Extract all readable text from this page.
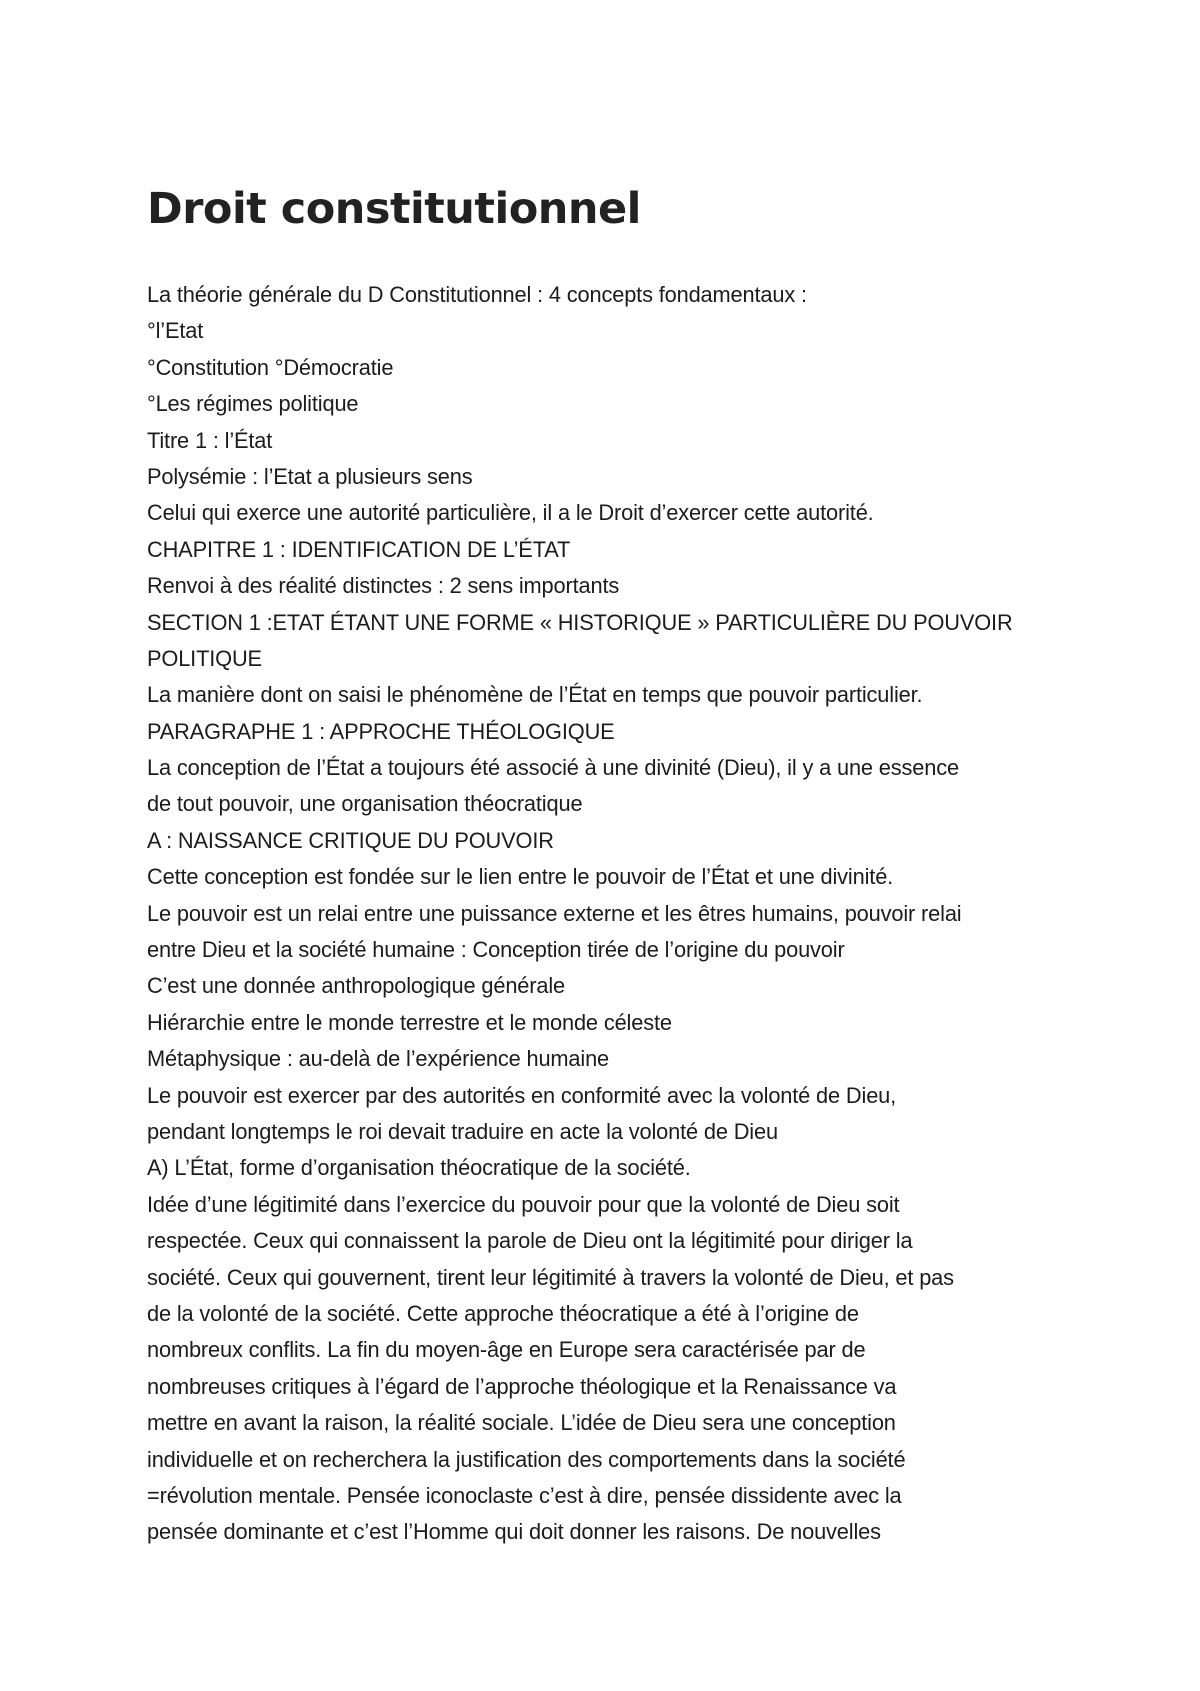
Droit constitutionnel
La théorie générale du D Constitutionnel : 4 concepts fondamentaux :
°l’Etat
°Constitution °Démocratie
°Les régimes politique
Titre 1 : l’État
Polysémie : l’Etat a plusieurs sens
Celui qui exerce une autorité particulière, il a le Droit d’exercer cette autorité.
CHAPITRE 1 : IDENTIFICATION DE L’ÉTAT
Renvoi à des réalité distinctes : 2 sens importants
SECTION 1 :ETAT ÉTANT UNE FORME « HISTORIQUE » PARTICULIÈRE DU POUVOIR
POLITIQUE
La manière dont on saisi le phénomène de l’État en temps que pouvoir particulier.
PARAGRAPHE 1 : APPROCHE THÉOLOGIQUE
La conception de l’État a toujours été associé à une divinité (Dieu), il y a une essence
de tout pouvoir, une organisation théocratique
A : NAISSANCE CRITIQUE DU POUVOIR
Cette conception est fondée sur le lien entre le pouvoir de l’État et une divinité.
Le pouvoir est un relai entre une puissance externe et les êtres humains, pouvoir relai
entre Dieu et la société humaine : Conception tirée de l’origine du pouvoir
C’est une donnée anthropologique générale
Hiérarchie entre le monde terrestre et le monde céleste
Métaphysique : au-delà de l’expérience humaine
Le pouvoir est exercer par des autorités en conformité avec la volonté de Dieu,
pendant longtemps le roi devait traduire en acte la volonté de Dieu
A) L’État, forme d’organisation théocratique de la société.
Idée d’une légitimité dans l’exercice du pouvoir pour que la volonté de Dieu soit
respectée. Ceux qui connaissent la parole de Dieu ont la légitimité pour diriger la
société. Ceux qui gouvernent, tirent leur légitimité à travers la volonté de Dieu, et pas
de la volonté de la société. Cette approche théocratique a été à l’origine de
nombreux conflits. La fin du moyen-âge en Europe sera caractérisée par de
nombreuses critiques à l’égard de l’approche théologique et la Renaissance va
mettre en avant la raison, la réalité sociale. L’idée de Dieu sera une conception
individuelle et on recherchera la justification des comportements dans la société
=révolution mentale. Pensée iconoclaste c’est à dire, pensée dissidente avec la
pensée dominante et c’est l’Homme qui doit donner les raisons. De nouvelles
